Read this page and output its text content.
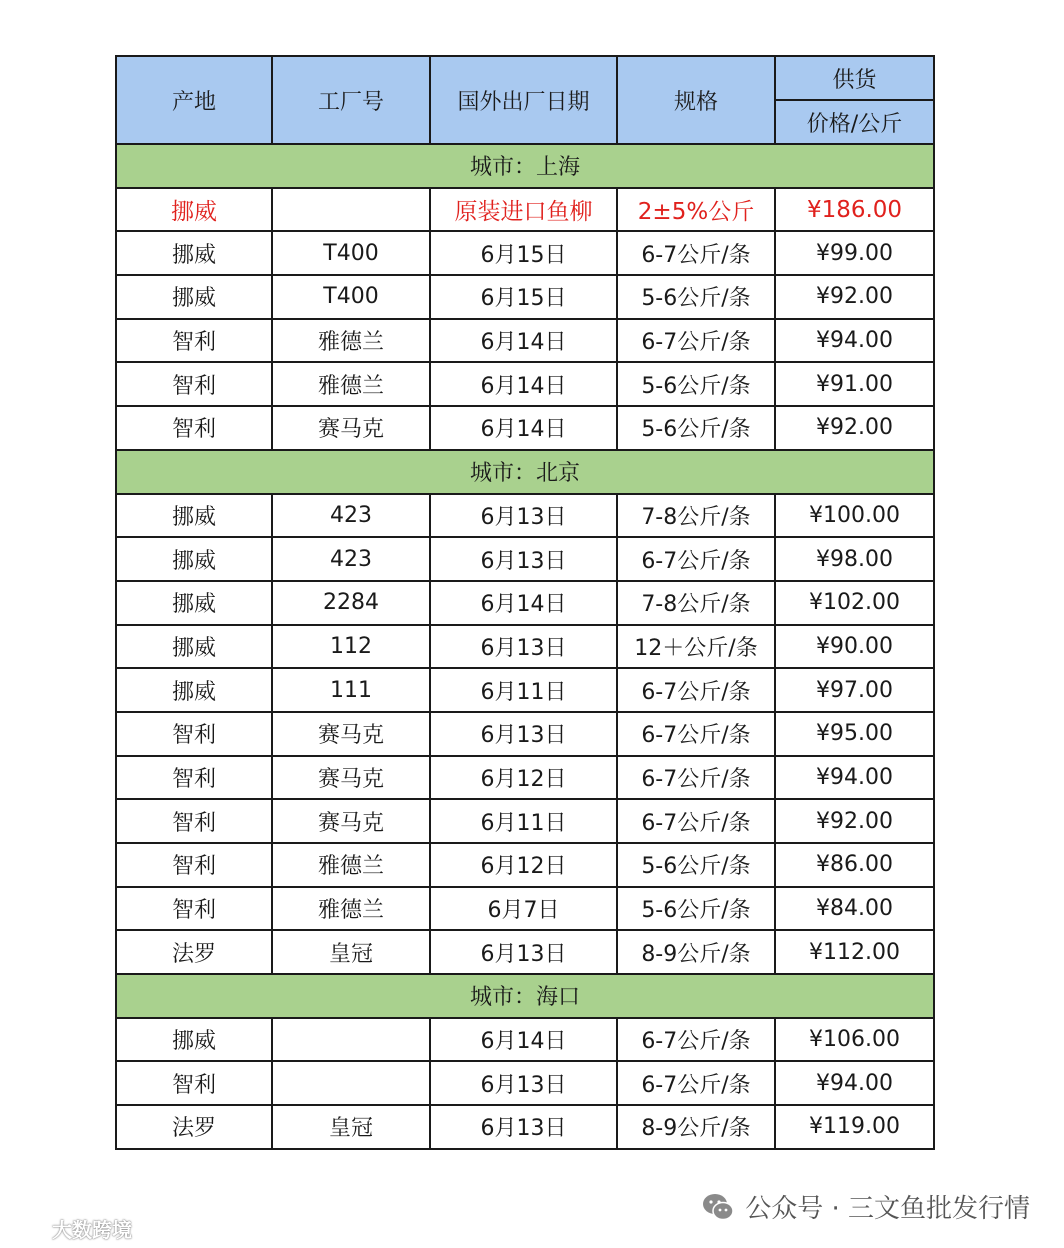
产地	工厂号	国外出厂日期	规格	供货
				价格/公斤
城市：上海				
挪威		原装进口鱼柳	2±5%公斤	¥186.00
挪威	T400	6月15日	6-7公斤/条	¥99.00
挪威	T400	6月15日	5-6公斤/条	¥92.00
智利	雅德兰	6月14日	6-7公斤/条	¥94.00
智利	雅德兰	6月14日	5-6公斤/条	¥91.00
智利	赛马克	6月14日	5-6公斤/条	¥92.00
城市：北京				
挪威	423	6月13日	7-8公斤/条	¥100.00
挪威	423	6月13日	6-7公斤/条	¥98.00
挪威	2284	6月14日	7-8公斤/条	¥102.00
挪威	112	6月13日	12＋公斤/条	¥90.00
挪威	111	6月11日	6-7公斤/条	¥97.00
智利	赛马克	6月13日	6-7公斤/条	¥95.00
智利	赛马克	6月12日	6-7公斤/条	¥94.00
智利	赛马克	6月11日	6-7公斤/条	¥92.00
智利	雅德兰	6月12日	5-6公斤/条	¥86.00
智利	雅德兰	6月7日	5-6公斤/条	¥84.00
法罗	皇冠	6月13日	8-9公斤/条	¥112.00
城市：海口				
挪威		6月14日	6-7公斤/条	¥106.00
智利		6月13日	6-7公斤/条	¥94.00
法罗	皇冠	6月13日	8-9公斤/条	¥119.00
大数跨境
公众号 · 三文鱼批发行情
